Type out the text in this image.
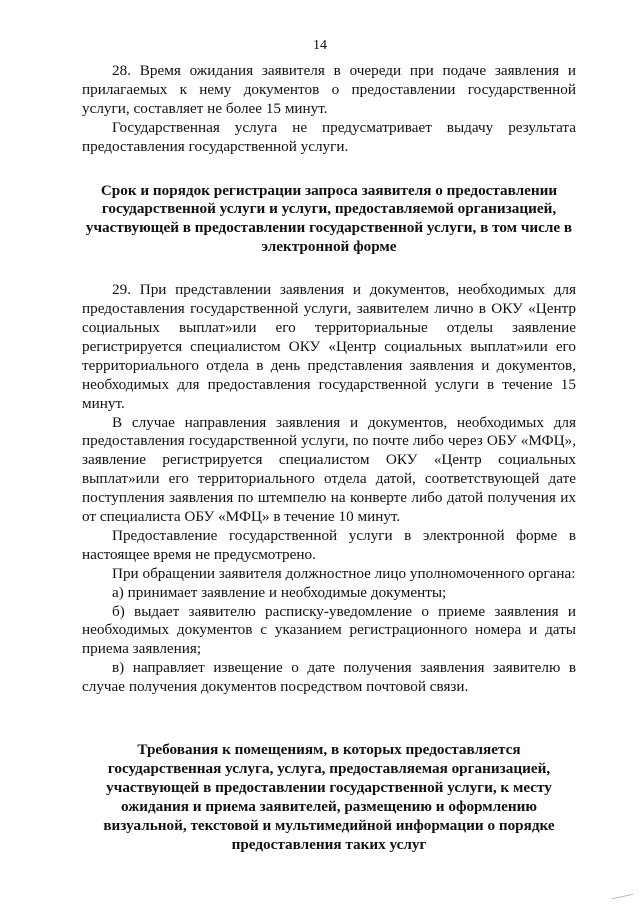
14

28. Время ожидания заявителя в очереди при подаче заявления и прилагаемых к нему документов о предоставлении государственной услуги, составляет не более 15 минут.

Государственная услуга не предусматривает выдачу результата предоставления государственной услуги.

Срок и порядок регистрации запроса заявителя о предоставлении государственной услуги и услуги, предоставляемой организацией, участвующей в предоставлении государственной услуги, в том числе в электронной форме

29. При представлении заявления и документов, необходимых для предоставления государственной услуги, заявителем лично в ОКУ «Центр социальных выплат»или его территориальные отделы заявление регистрируется специалистом ОКУ «Центр социальных выплат»или его территориального отдела в день представления заявления и документов, необходимых для предоставления государственной услуги в течение 15 минут.

В случае направления заявления и документов, необходимых для предоставления государственной услуги, по почте либо через ОБУ «МФЦ», заявление регистрируется специалистом ОКУ «Центр социальных выплат»или его территориального отдела датой, соответствующей дате поступления заявления по штемпелю на конверте либо датой получения их от специалиста ОБУ «МФЦ» в течение 10 минут.

Предоставление государственной услуги в электронной форме в настоящее время не предусмотрено.

При обращении заявителя должностное лицо уполномоченного органа:

а) принимает заявление и необходимые документы;

б) выдает заявителю расписку-уведомление о приеме заявления и необходимых документов с указанием регистрационного номера и даты приема заявления;

в) направляет извещение о дате получения заявления заявителю в случае получения документов посредством почтовой связи.

Требования к помещениям, в которых предоставляется государственная услуга, услуга, предоставляемая организацией, участвующей в предоставлении государственной услуги, к месту ожидания и приема заявителей, размещению и оформлению визуальной, текстовой и мультимедийной информации о порядке предоставления таких услуг
